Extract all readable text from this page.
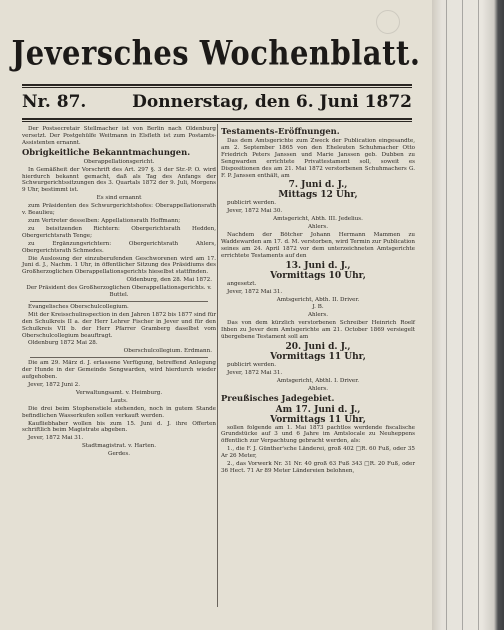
Jeversches Wochenblatt.
Nr. 87.	Donnerstag, den 6. Juni 1872
Der Postsecretair Stellmacher ist von Berlin nach Oldenburg versetzt. Der Postgehülfe Weitmann in Elsfleth ist zum Postamts-Assistenten ernannt.
Obrigkeitliche Bekanntmachungen.
Oberappellationsgericht.
In Gemäßheit der Vorschrift des Art. 297 §. 3 der Str.-P. O. wird hierdurch bekannt gemacht, daß als Tag des Anfangs der Schwurgerichtssitzungen des 3. Quartals 1872 der 9. Juli, Morgens 9 Uhr, bestimmt ist.
Es sind ernannt
zum Präsidenten des Schwurgerichtshofes: Oberappellationsrath v. Beaulieu;
zum Vertreter desselben: Appellationsrath Hoffmann;
zu beisitzenden Richtern: Obergerichtsrath Hedden, Obergerichtsrath Tenge;
zu Ergänzungsrichtern: Obergerichtsrath Ahlers, Obergerichtsrath Schmedes.
Die Auslosung der einzuberufenden Geschworenen wird am 17. Juni d. J., Nachm. 1 Uhr, in öffentlicher Sitzung des Präsidiums des Großherzoglichen Oberappellationsgerichts hieselbst stattfinden.
Oldenburg, den 28. Mai 1872.
Der Präsident des Großherzoglichen Oberappellationsgerichts. v. Buttel.
Evangelisches Oberschulcollegium.
Mit der Kreisschulinspection in den Jahren 1872 bis 1877 sind für den Schulkreis II a. der Herr Lehrer Fischer in Jever und für den Schulkreis VII b. der Herr Pfarrer Gramberg daselbst vom Oberschulcollegium beauftragt.
Oldenburg 1872 Mai 28.
Oberschulcollegium. Erdmann.
Die am 29. März d. J. erlassene Verfügung, betreffend Anlegung der Hunde in der Gemeinde Sengwarden, wird hierdurch wieder aufgehoben.
Jever, 1872 Juni 2.
Verwaltungsamt. v. Heimburg.
Lauts.
Die drei beim Stophenstiele stehenden, noch in gutem Stande befindlichen Wasserkufen sollen verkauft werden.
Kaufliebhaber wollen bis zum 15. Juni d. J. ihre Offerten schriftlich beim Magistrate abgeben.
Jever, 1872 Mai 31.
Stadtmagistrat. v. Harten.
Gerdes.
Testaments-Eröffnungen.
Das dem Amtsgerichte zum Zweck der Publication eingesandte, am 2. September 1865 von den Eheleuten Schuhmacher Otto Friedrich Peters Janssen und Marie Janssen geb. Dubben zu Sengwarden errichtete Privattestament soll, soweit es Dispositionen des am 21. Mai 1872 verstorbenen Schuhmachers G. F. P. Janssen enthält, am
7. Juni d. J.,
Mittags 12 Uhr,
publicirt werden.
Jever, 1872 Mai 30.
Amtsgericht, Abth. III. Jedelius.
Ahlers.
Nachdem der Bötcher Johann Hermann Mammen zu Waddewarden am 17. d. M. verstorben, wird Termin zur Publication seines am 24. April 1872 vor dem unterzeichneten Amtsgerichte errichtete Testaments auf den
13. Juni d. J.,
Vormittags 10 Uhr,
angesetzt.
Jever, 1872 Mai 31.
Amtsgericht, Abth. II. Driver.
J. B.
Ahlers.
Das von dem kürzlich verstorbenen Schreiber Heinrich Roelf Ihben zu Jever dem Amtsgerichte am 21. October 1869 versiegelt übergebene Testament soll am
20. Juni d. J.,
Vormittags 11 Uhr,
publicirt werden.
Jever, 1872 Mai 31.
Amtsgericht, Abthl. I. Driver.
Ahlers.
Preußisches Jadegebiet.
Am 17. Juni d. J.,
Vormittags 11 Uhr,
sollen folgende am 1. Mai 1873 pachtlos werdende fiscalische Grundstücke auf 3 und 6 Jahre im Amtslocale zu Neuheppens öffentlich zur Verpachtung gebracht werden, als:
1., die F. J. Günther'sche Länderei, groß 402 □R. 60 Fuß, oder 35 Ar 26 Meter,
2., das Vorwerk Nr. 31 Nr. 40 groß 63 Fuß 343 □R. 20 Fuß, oder 36 Hect. 71 Ar 89 Meter Ländereien belohnen,
